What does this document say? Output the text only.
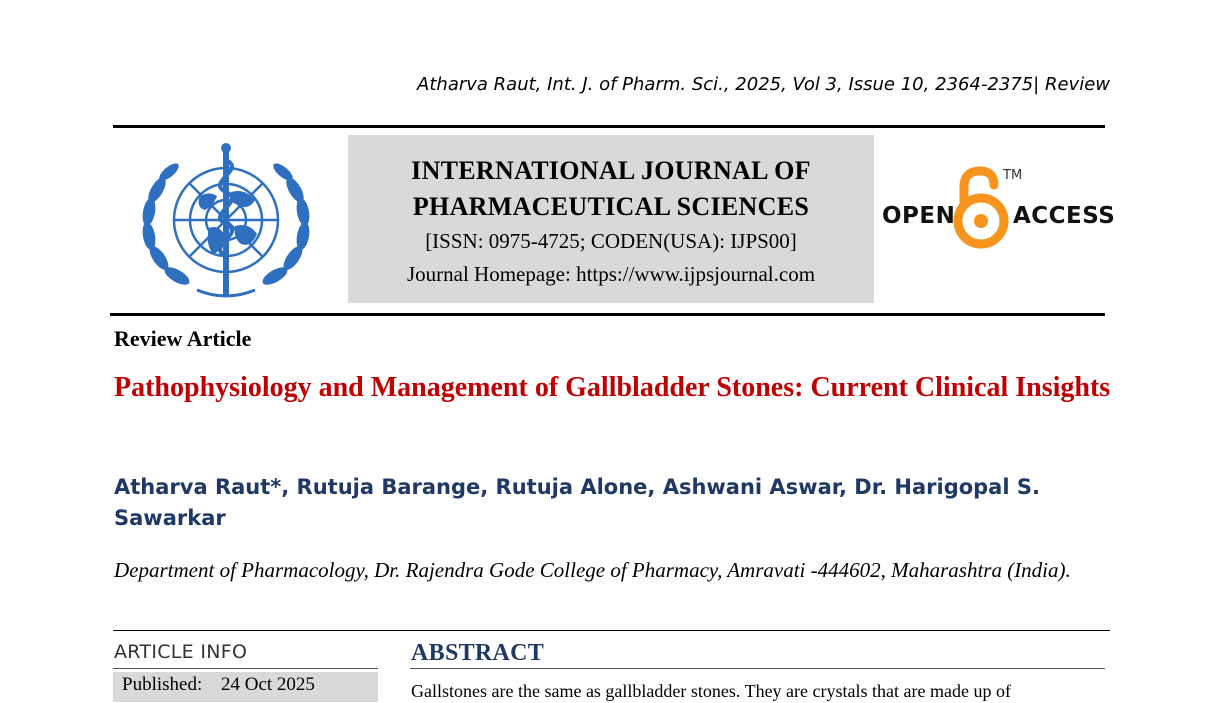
Atharva Raut, Int. J. of Pharm. Sci., 2025, Vol 3, Issue 10, 2364-2375| Review
INTERNATIONAL JOURNAL OF
PHARMACEUTICAL SCIENCES
[ISSN: 0975-4725; CODEN(USA): IJPS00]
Journal Homepage: https://www.ijpsjournal.com
OPEN	ACCESS
TM
Review Article
Pathophysiology and Management of Gallbladder Stones: Current Clinical Insights
Atharva Raut*, Rutuja Barange, Rutuja Alone, Ashwani Aswar, Dr. Harigopal S. Sawarkar
Department of Pharmacology, Dr. Rajendra Gode College of Pharmacy, Amravati -444602, Maharashtra (India).
ARTICLE INFO
Published: 24 Oct 2025
ABSTRACT
Gallstones are the same as gallbladder stones. They are crystals that are made up of
